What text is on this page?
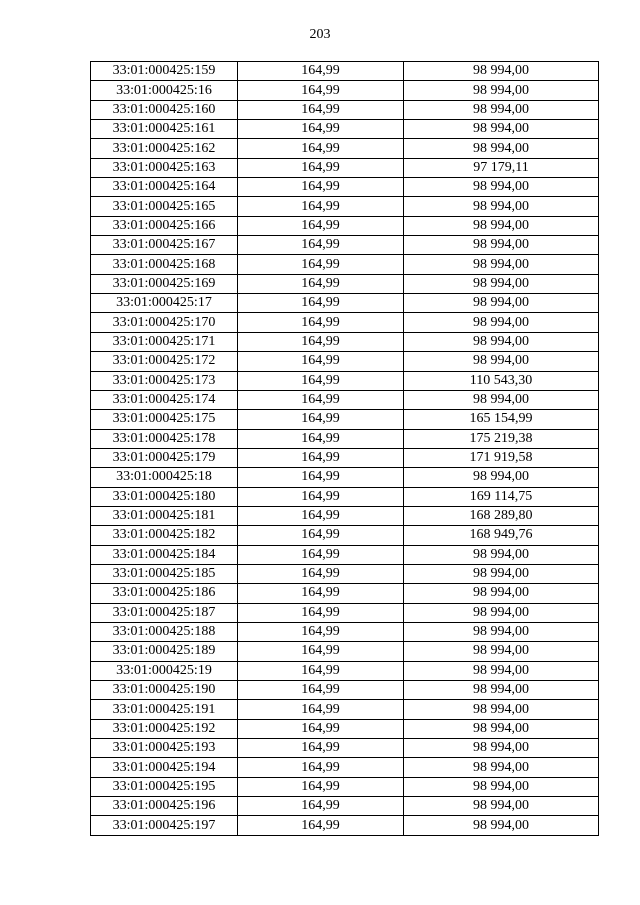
203
33:01:000425:159	164,99	98 994,00
33:01:000425:16	164,99	98 994,00
33:01:000425:160	164,99	98 994,00
33:01:000425:161	164,99	98 994,00
33:01:000425:162	164,99	98 994,00
33:01:000425:163	164,99	97 179,11
33:01:000425:164	164,99	98 994,00
33:01:000425:165	164,99	98 994,00
33:01:000425:166	164,99	98 994,00
33:01:000425:167	164,99	98 994,00
33:01:000425:168	164,99	98 994,00
33:01:000425:169	164,99	98 994,00
33:01:000425:17	164,99	98 994,00
33:01:000425:170	164,99	98 994,00
33:01:000425:171	164,99	98 994,00
33:01:000425:172	164,99	98 994,00
33:01:000425:173	164,99	110 543,30
33:01:000425:174	164,99	98 994,00
33:01:000425:175	164,99	165 154,99
33:01:000425:178	164,99	175 219,38
33:01:000425:179	164,99	171 919,58
33:01:000425:18	164,99	98 994,00
33:01:000425:180	164,99	169 114,75
33:01:000425:181	164,99	168 289,80
33:01:000425:182	164,99	168 949,76
33:01:000425:184	164,99	98 994,00
33:01:000425:185	164,99	98 994,00
33:01:000425:186	164,99	98 994,00
33:01:000425:187	164,99	98 994,00
33:01:000425:188	164,99	98 994,00
33:01:000425:189	164,99	98 994,00
33:01:000425:19	164,99	98 994,00
33:01:000425:190	164,99	98 994,00
33:01:000425:191	164,99	98 994,00
33:01:000425:192	164,99	98 994,00
33:01:000425:193	164,99	98 994,00
33:01:000425:194	164,99	98 994,00
33:01:000425:195	164,99	98 994,00
33:01:000425:196	164,99	98 994,00
33:01:000425:197	164,99	98 994,00
